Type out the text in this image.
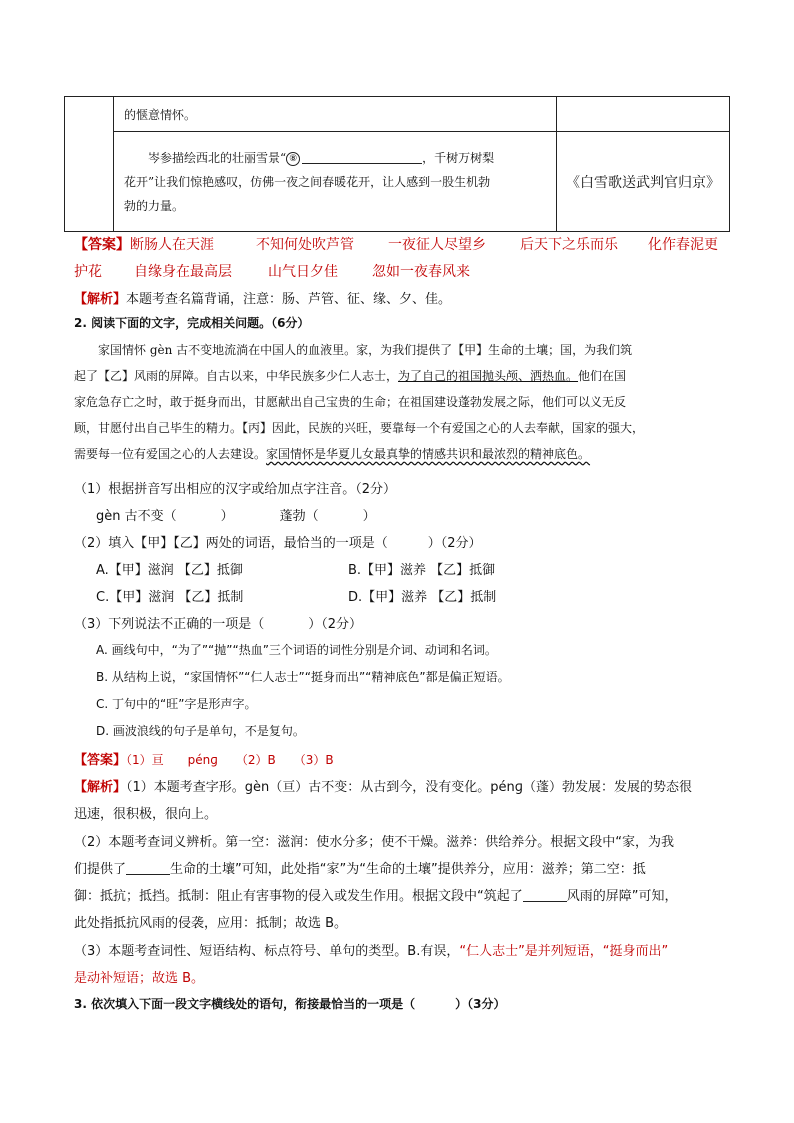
	的惬意情怀。	
	岑参描绘西北的壮丽雪景“ ⑧ ，千树万树梨
花开”让我们惊艳感叹，仿佛一夜之间春暖花开，让人感到一股生机勃
勃的力量。	《白雪歌送武判官归京》
【答案】断肠人在天涯	不知何处吹芦管 一夜征人尽望乡 后天下之乐而乐 化作春泥更
护花 自缘身在最高层	山气日夕佳 忽如一夜春风来
【解析】本题考查名篇背诵，注意：肠、芦管、征、缘、夕、佳。
2. 阅读下面的文字，完成相关问题。（6分）
家国情怀 gèn 古不变地流淌在中国人的血液里。家，为我们提供了【甲】生命的土壤；国，为我们筑
起了【乙】风雨的屏障。自古以来，中华民族多少仁人志士，为了自己的祖国抛头颅、洒热血。他们在国
家危急存亡之时，敢于挺身而出，甘愿献出自己宝贵的生命；在祖国建设蓬勃发展之际，他们可以义无反
顾，甘愿付出自己毕生的精力。【丙】因此，民族的兴旺，要靠每一个有爱国之心的人去奉献，国家的强大，
需要每一位有爱国之心的人去建设。家国情怀是华夏儿女最真挚的情感共识和最浓烈的精神底色。
（1）根据拼音写出相应的汉字或给加点字注音。（2分）
gèn 古不变（	）	蓬勃（	）
（2）填入【甲】【乙】两处的词语，最恰当的一项是（	）（2分）
A.【甲】滋润 【乙】抵御	B.【甲】滋养 【乙】抵御
C.【甲】滋润 【乙】抵制	D.【甲】滋养 【乙】抵制
（3）下列说法不正确的一项是（	）（2分）
A. 画线句中，“为了”“抛”“热血”三个词语的词性分别是介词、动词和名词。
B. 从结构上说，“家国情怀”“仁人志士”“挺身而出”“精神底色”都是偏正短语。
C. 丁句中的“旺”字是形声字。
D. 画波浪线的句子是单句，不是复句。
【答案】（1）亘　　pénɡ　　（2）B　　（3）B
【解析】（1）本题考查字形。gèn（亘）古不变：从古到今，没有变化。pénɡ（蓬）勃发展：发展的势态很
迅速，很积极，很向上。
（2）本题考查词义辨析。第一空：滋润：使水分多；使不干燥。滋养：供给养分。根据文段中“家，为我
们提供了	生命的土壤”可知，此处指“家”为“生命的土壤”提供养分，应用：滋养；第二空：抵
御：抵抗；抵挡。抵制：阻止有害事物的侵入或发生作用。根据文段中“筑起了	风雨的屏障”可知，
此处指抵抗风雨的侵袭，应用：抵制；故选 B。
（3）本题考查词性、短语结构、标点符号、单句的类型。B.有误，“仁人志士”是并列短语，“挺身而出”
是动补短语；故选 B。
3. 依次填入下面一段文字横线处的语句，衔接最恰当的一项是（	）（3分）
